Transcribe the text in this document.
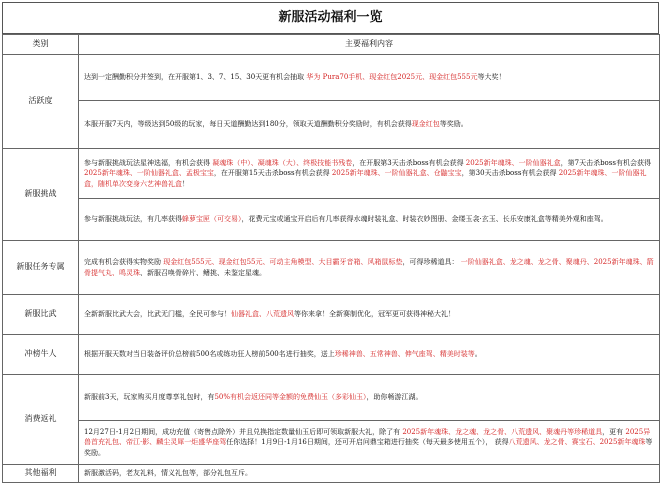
新服活动福利一览
类别	主要福利内容
活跃度	达到一定酬勤积分并签到，在开服第1、3、7、15、30天更有机会抽取 华为 Pura70手机、现金红包2025元、现金红包555元等大奖！
	本服开服7天内，等级达到50级的玩家，每日天道酬勤达到180分，领取天道酬勤积分奖励时，有机会获得现金红包等奖励。
新服挑战	参与新服挑战玩法星神选福，有机会获得 凝魂珠（中）、凝魂珠（大）、终极技能书残卷，在开服第3天击杀boss有机会获得 2025新年魂珠、一阶仙器礼盒，第7天击杀boss有机会获得 2025新年魂珠、一阶仙器礼盒、孟极宝宝，在开服第15天击杀boss有机会获得 2025新年魂珠、一阶仙器礼盒、仓鼬宝宝，第30天击杀boss有机会获得 2025新年魂珠、一阶仙器礼盒，随机单次变身六艺神兽礼盒！
	参与新服挑战玩法，有几率获得蜂萝宝匣（可交易），花费元宝或通宝开启后有几率获得水魂时装礼盒、时装衣妙图册、金缕玉衾·玄玉、长乐安康礼盒等精美外观和座驾。
新服任务专属	完成有机会获得实物奖励 现金红包555元、现金红包55元、可动主角模型、大目霸牙音箱、风箱鼠标垫，可得珍稀道具： 一阶仙器礼盒、龙之魂、龙之骨、聚魂丹、2025新年魂珠、箭骨提气丸、鸣灵珠、新服召唤骨碎片、鳍挑、未鉴定星魂。
新服比武	全新新服比武大会，比武无门槛，全民可参与！仙器礼盒、八荒遗风等你来拿！全新赛制优化，冠军更可获得神秘大礼！
冲榜牛人	根据开服天数对当日装备评价总榜前500名或练功狂人榜前500名进行抽奖，送上珍稀神兽、五常神兽、伸气座驾、精美时装等。
消费返礼	新服前3天，玩家购买月度尊享礼包时，有50%有机会返还同等金额的免费仙玉（多彩仙玉），助你畅游江湖。
	12月27日-1月2日期间，成功充值（寄售点除外）并且兑换指定数量仙玉后即可领取新服大礼，除了有 2025新年魂珠、龙之魂、龙之骨、八荒遗风、聚魂丹等珍稀道具，更有 2025异兽首充礼包、帝江·影、麟尘灵犀一炬盛华座驾任你选择！1月9日-1月16日期间，还可开启问鼎宝箱进行抽奖（每天最多使用五个）， 获得八荒遗风、龙之骨、赛宝石、2025新年魂珠等奖励。
其他福利	新服激活码，老友礼料，情义礼包等，部分礼包互斥。
